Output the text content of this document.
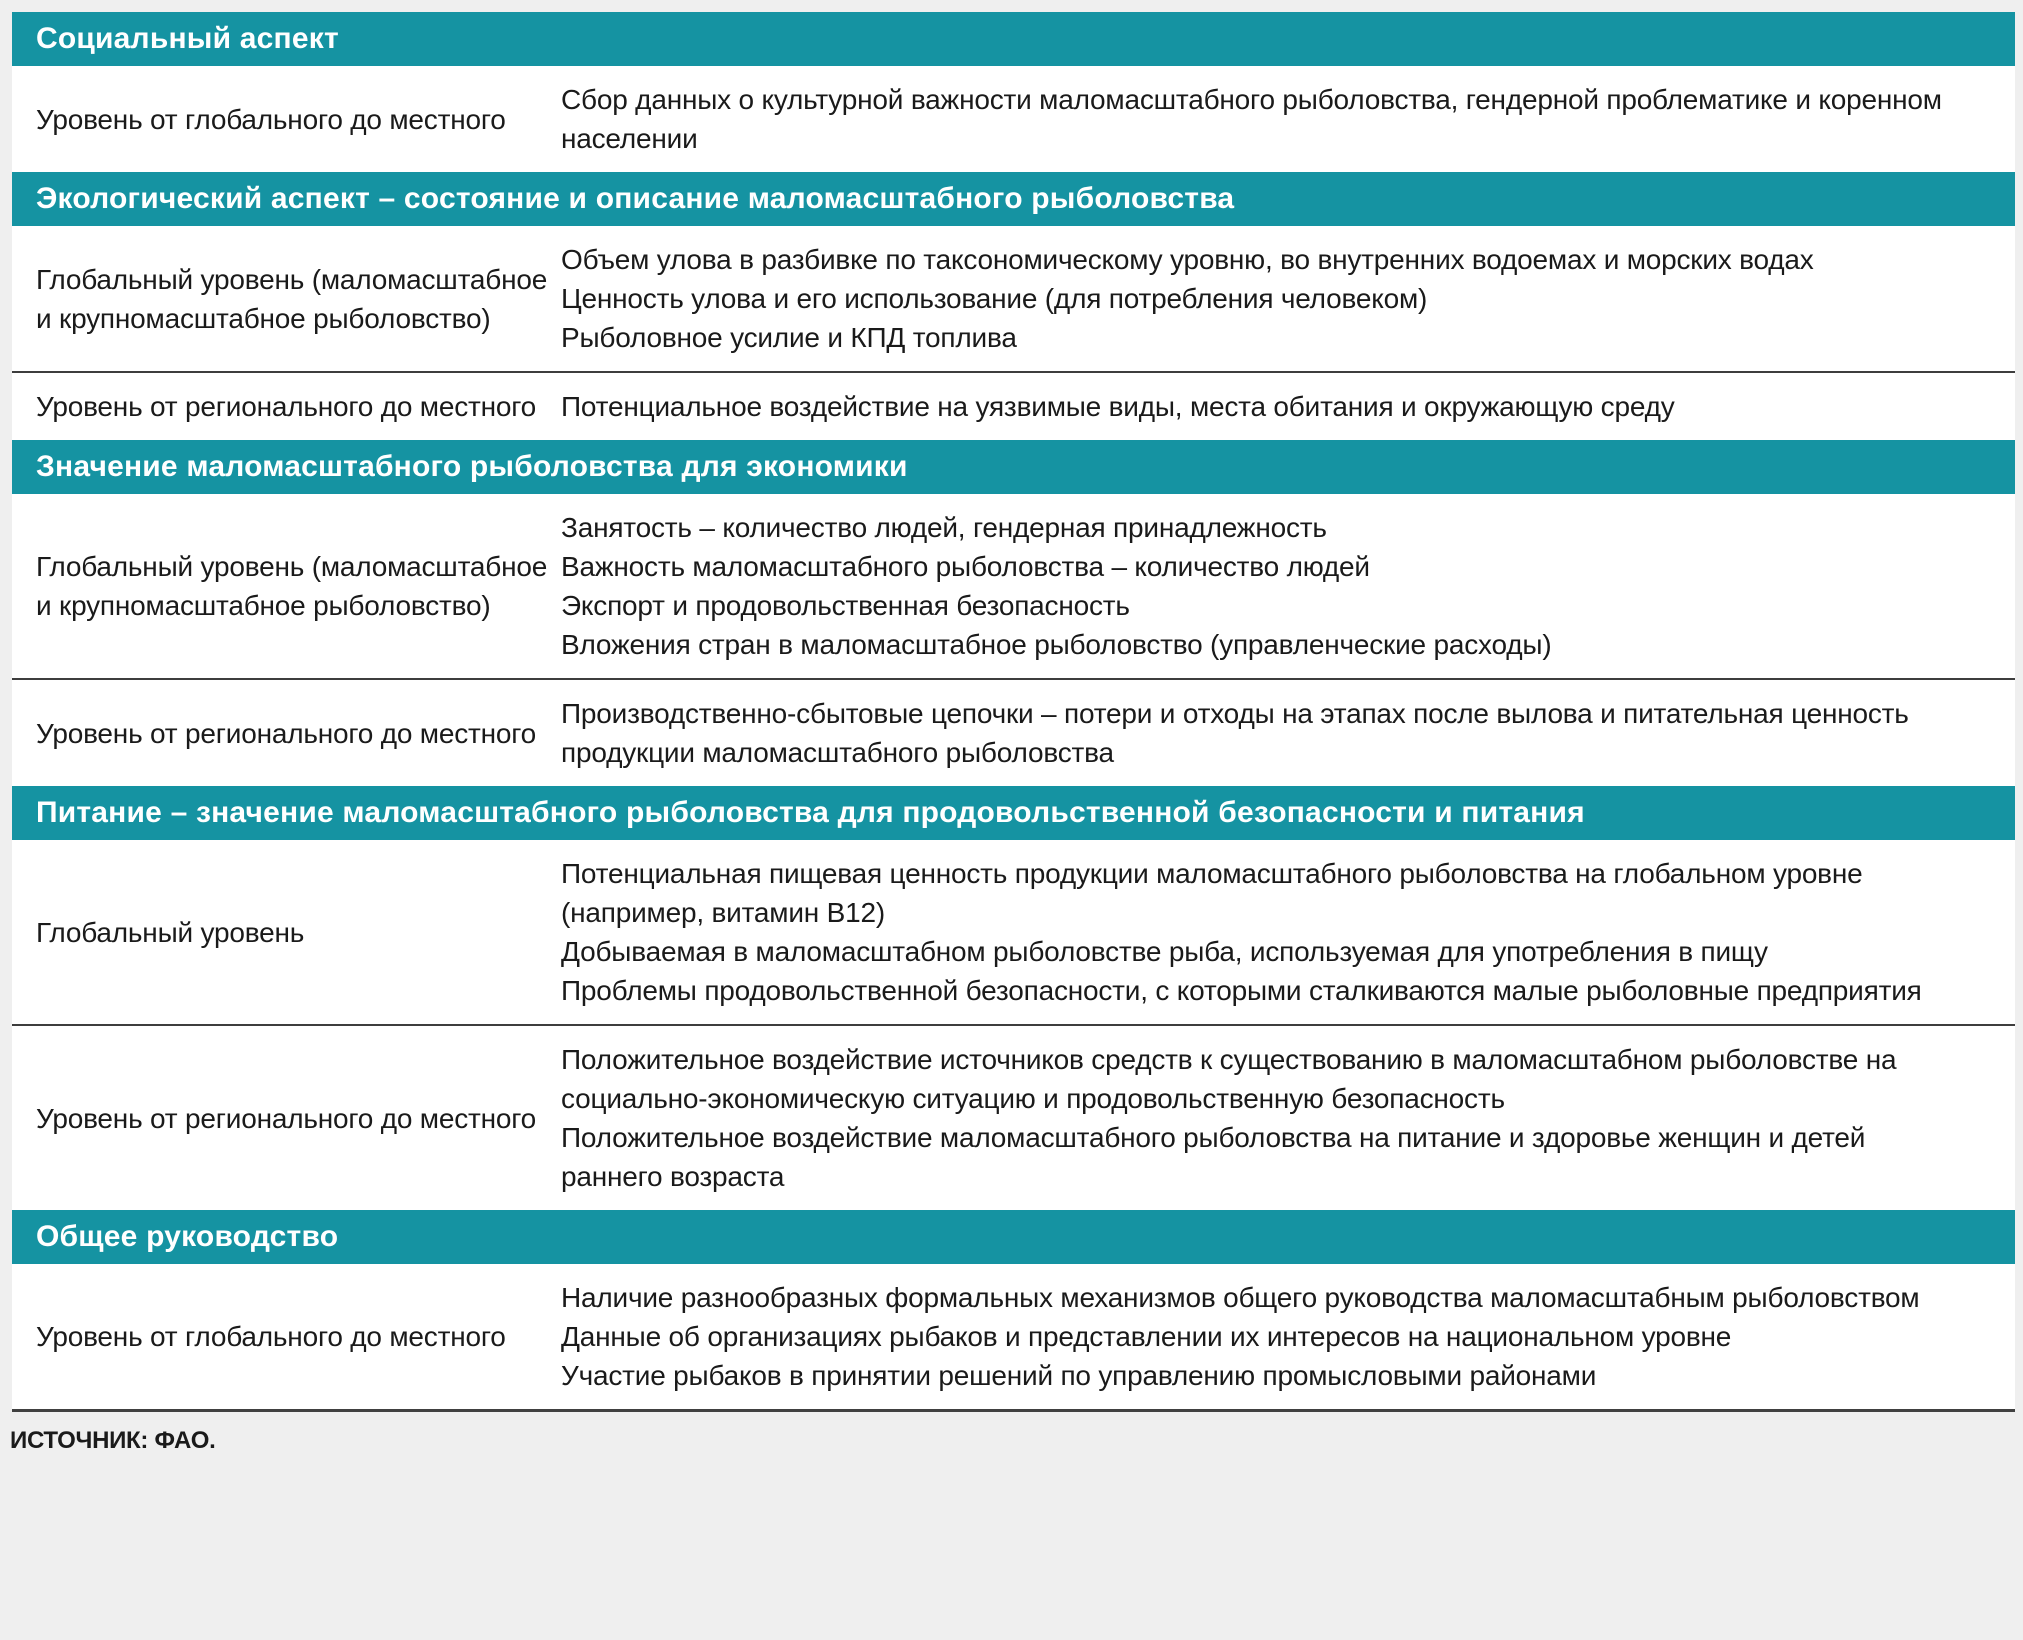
Социальный аспект
Уровень от глобального до местного
Сбор данных о культурной важности маломасштабного рыболовства, гендерной проблематике и коренном населении
Экологический аспект – состояние и описание маломасштабного рыболовства
Глобальный уровень (маломасштабное и крупномасштабное рыболовство)
Объем улова в разбивке по таксономическому уровню, во внутренних водоемах и морских водах
Ценность улова и его использование (для потребления человеком)
Рыболовное усилие и КПД топлива
Уровень от регионального до местного Потенциальное воздействие на уязвимые виды, места обитания и окружающую среду
Значение маломасштабного рыболовства для экономики
Глобальный уровень (маломасштабное и крупномасштабное рыболовство)
Занятость – количество людей, гендерная принадлежность
Важность маломасштабного рыболовства – количество людей
Экспорт и продовольственная безопасность
Вложения стран в маломасштабное рыболовство (управленческие расходы)
Уровень от регионального до местного
Производственно-сбытовые цепочки – потери и отходы на этапах после вылова и питательная ценность продукции маломасштабного рыболовства
Питание – значение маломасштабного рыболовства для продовольственной безопасности и питания
Глобальный уровень
Потенциальная пищевая ценность продукции маломасштабного рыболовства на глобальном уровне (например, витамин B12)
Добываемая в маломасштабном рыболовстве рыба, используемая для употребления в пищу
Проблемы продовольственной безопасности, с которыми сталкиваются малые рыболовные предприятия
Уровень от регионального до местного
Положительное воздействие источников средств к существованию в маломасштабном рыболовстве на социально-экономическую ситуацию и продовольственную безопасность
Положительное воздействие маломасштабного рыболовства на питание и здоровье женщин и детей раннего возраста
Общее руководство
Уровень от глобального до местного
Наличие разнообразных формальных механизмов общего руководства маломасштабным рыболовством
Данные об организациях рыбаков и представлении их интересов на национальном уровне
Участие рыбаков в принятии решений по управлению промысловыми районами
ИСТОЧНИК: ФАО.
